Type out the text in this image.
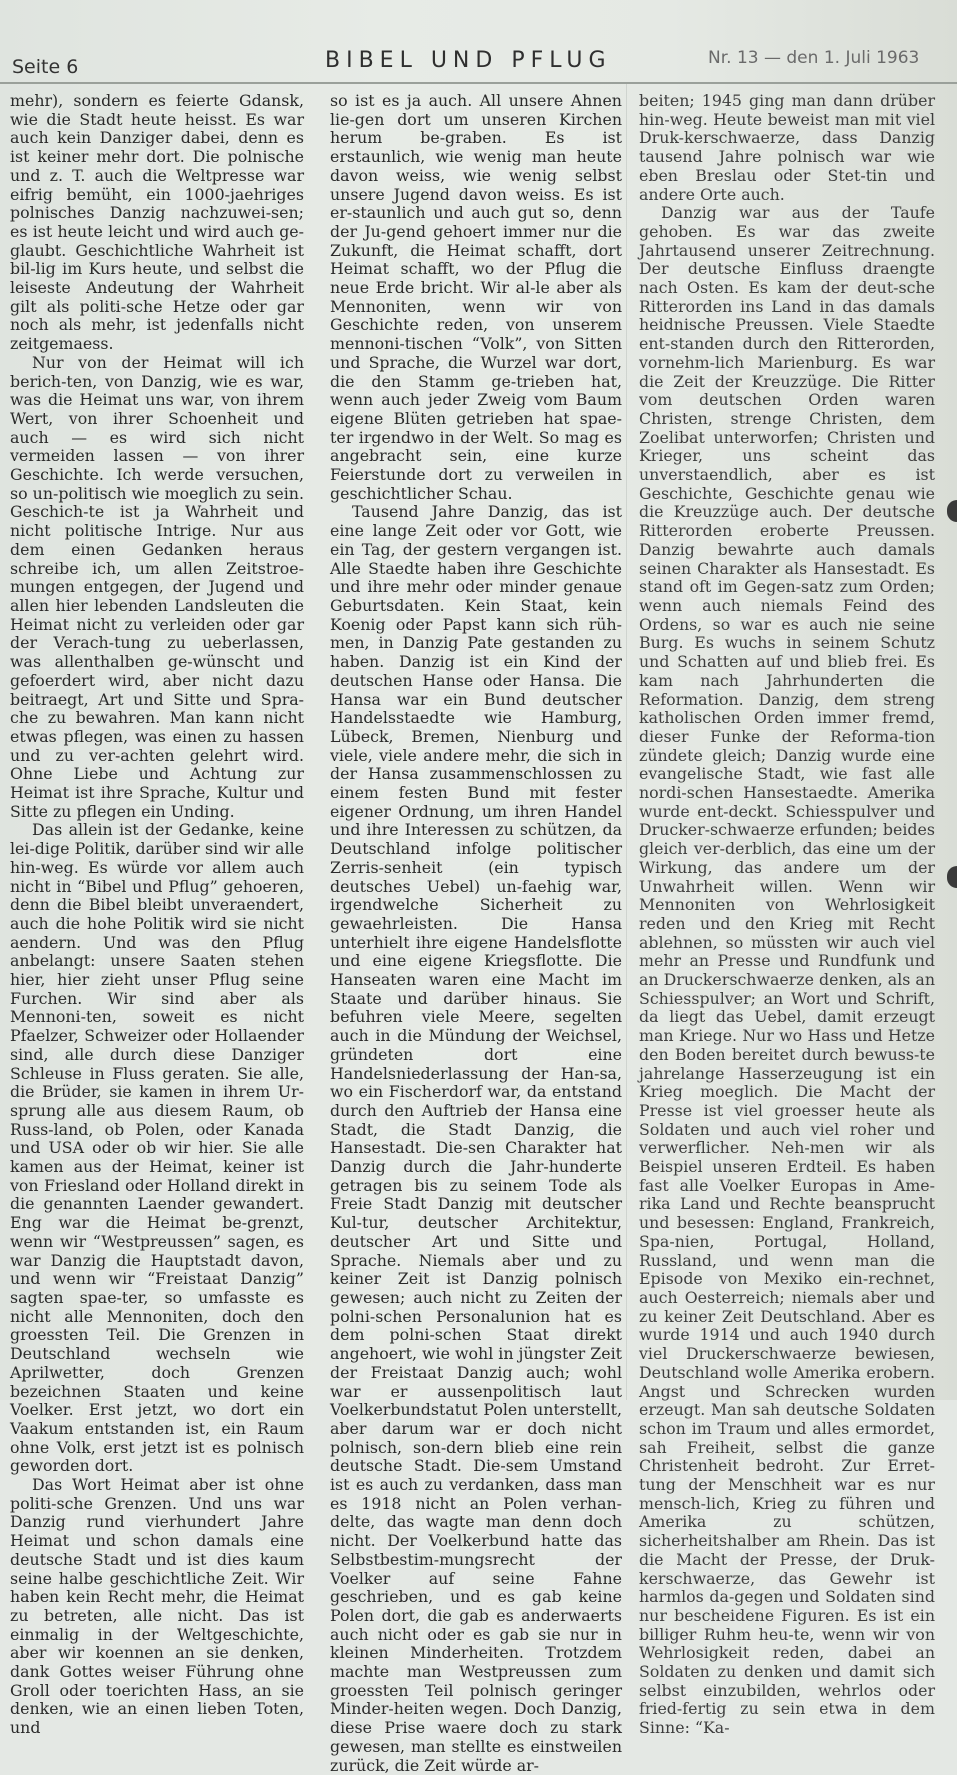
Seite 6	BIBEL UND PFLUG	Nr. 13 — den 1. Juli 1963

mehr), sondern es feierte Gdansk, wie die Stadt heute heisst. Es war auch kein Danziger dabei, denn es ist keiner mehr dort. Die polnische und z. T. auch die Weltpresse war eifrig bemüht, ein 1000-jaehriges polnisches Danzig nachzuwei-sen; es ist heute leicht und wird auch ge-glaubt. Geschichtliche Wahrheit ist bil-lig im Kurs heute, und selbst die leiseste Andeutung der Wahrheit gilt als politi-sche Hetze oder gar noch als mehr, ist jedenfalls nicht zeitgemaess.

Nur von der Heimat will ich berich-ten, von Danzig, wie es war, was die Heimat uns war, von ihrem Wert, von ihrer Schoenheit und auch — es wird sich nicht vermeiden lassen — von ihrer Geschichte. Ich werde versuchen, so un-politisch wie moeglich zu sein. Geschich-te ist ja Wahrheit und nicht politische Intrige. Nur aus dem einen Gedanken heraus schreibe ich, um allen Zeitstroe-mungen entgegen, der Jugend und allen hier lebenden Landsleuten die Heimat nicht zu verleiden oder gar der Verach-tung zu ueberlassen, was allenthalben ge-wünscht und gefoerdert wird, aber nicht dazu beitraegt, Art und Sitte und Spra-che zu bewahren. Man kann nicht etwas pflegen, was einen zu hassen und zu ver-achten gelehrt wird. Ohne Liebe und Achtung zur Heimat ist ihre Sprache, Kultur und Sitte zu pflegen ein Unding.

Das allein ist der Gedanke, keine lei-dige Politik, darüber sind wir alle hin-weg. Es würde vor allem auch nicht in “Bibel und Pflug” gehoeren, denn die Bibel bleibt unveraendert, auch die hohe Politik wird sie nicht aendern. Und was den Pflug anbelangt: unsere Saaten stehen hier, hier zieht unser Pflug seine Furchen. Wir sind aber als Mennoni-ten, soweit es nicht Pfaelzer, Schweizer oder Hollaender sind, alle durch diese Danziger Schleuse in Fluss geraten. Sie alle, die Brüder, sie kamen in ihrem Ur-sprung alle aus diesem Raum, ob Russ-land, ob Polen, oder Kanada und USA oder ob wir hier. Sie alle kamen aus der Heimat, keiner ist von Friesland oder Holland direkt in die genannten Laender gewandert. Eng war die Heimat be-grenzt, wenn wir “Westpreussen” sagen, es war Danzig die Hauptstadt davon, und wenn wir “Freistaat Danzig” sagten spae-ter, so umfasste es nicht alle Mennoniten, doch den groessten Teil. Die Grenzen in Deutschland wechseln wie Aprilwetter, doch Grenzen bezeichnen Staaten und keine Voelker. Erst jetzt, wo dort ein Vaakum entstanden ist, ein Raum ohne Volk, erst jetzt ist es polnisch geworden dort.

Das Wort Heimat aber ist ohne politi-sche Grenzen. Und uns war Danzig rund vierhundert Jahre Heimat und schon damals eine deutsche Stadt und ist dies kaum seine halbe geschichtliche Zeit. Wir haben kein Recht mehr, die Heimat zu betreten, alle nicht. Das ist einmalig in der Weltgeschichte, aber wir koennen an sie denken, dank Gottes weiser Führung ohne Groll oder toerichten Hass, an sie denken, wie an einen lieben Toten, und

so ist es ja auch. All unsere Ahnen lie-gen dort um unseren Kirchen herum be-graben. Es ist erstaunlich, wie wenig man heute davon weiss, wie wenig selbst unsere Jugend davon weiss. Es ist er-staunlich und auch gut so, denn der Ju-gend gehoert immer nur die Zukunft, die Heimat schafft, dort Heimat schafft, wo der Pflug die neue Erde bricht. Wir al-le aber als Mennoniten, wenn wir von Geschichte reden, von unserem mennoni-tischen “Volk”, von Sitten und Sprache, die Wurzel war dort, die den Stamm ge-trieben hat, wenn auch jeder Zweig vom Baum eigene Blüten getrieben hat spae-ter irgendwo in der Welt. So mag es angebracht sein, eine kurze Feierstunde dort zu verweilen in geschichtlicher Schau.

Tausend Jahre Danzig, das ist eine lange Zeit oder vor Gott, wie ein Tag, der gestern vergangen ist. Alle Staedte haben ihre Geschichte und ihre mehr oder minder genaue Geburtsdaten. Kein Staat, kein Koenig oder Papst kann sich rüh-men, in Danzig Pate gestanden zu haben. Danzig ist ein Kind der deutschen Hanse oder Hansa. Die Hansa war ein Bund deutscher Handelsstaedte wie Hamburg, Lübeck, Bremen, Nienburg und viele, viele andere mehr, die sich in der Hansa zusammenschlossen zu einem festen Bund mit fester eigener Ordnung, um ihren Handel und ihre Interessen zu schützen, da Deutschland infolge politischer Zerris-senheit (ein typisch deutsches Uebel) un-faehig war, irgendwelche Sicherheit zu gewaehrleisten. Die Hansa unterhielt ihre eigene Handelsflotte und eine eigene Kriegsflotte. Die Hanseaten waren eine Macht im Staate und darüber hinaus. Sie befuhren viele Meere, segelten auch in die Mündung der Weichsel, gründeten dort eine Handelsniederlassung der Han-sa, wo ein Fischerdorf war, da entstand durch den Auftrieb der Hansa eine Stadt, die Stadt Danzig, die Hansestadt. Die-sen Charakter hat Danzig durch die Jahr-hunderte getragen bis zu seinem Tode als Freie Stadt Danzig mit deutscher Kul-tur, deutscher Architektur, deutscher Art und Sitte und Sprache. Niemals aber und zu keiner Zeit ist Danzig polnisch gewesen; auch nicht zu Zeiten der polni-schen Personalunion hat es dem polni-schen Staat direkt angehoert, wie wohl in jüngster Zeit der Freistaat Danzig auch; wohl war er aussenpolitisch laut Voelkerbundstatut Polen unterstellt, aber darum war er doch nicht polnisch, son-dern blieb eine rein deutsche Stadt. Die-sem Umstand ist es auch zu verdanken, dass man es 1918 nicht an Polen verhan-delte, das wagte man denn doch nicht. Der Voelkerbund hatte das Selbstbestim-mungsrecht der Voelker auf seine Fahne geschrieben, und es gab keine Polen dort, die gab es anderwaerts auch nicht oder es gab sie nur in kleinen Minderheiten. Trotzdem machte man Westpreussen zum groessten Teil polnisch geringer Minder-heiten wegen. Doch Danzig, diese Prise waere doch zu stark gewesen, man stellte es einstweilen zurück, die Zeit würde ar-

beiten; 1945 ging man dann drüber hin-weg. Heute beweist man mit viel Druk-kerschwaerze, dass Danzig tausend Jahre polnisch war wie eben Breslau oder Stet-tin und andere Orte auch.

Danzig war aus der Taufe gehoben. Es war das zweite Jahrtausend unserer Zeitrechnung. Der deutsche Einfluss draengte nach Osten. Es kam der deut-sche Ritterorden ins Land in das damals heidnische Preussen. Viele Staedte ent-standen durch den Ritterorden, vornehm-lich Marienburg. Es war die Zeit der Kreuzzüge. Die Ritter vom deutschen Orden waren Christen, strenge Christen, dem Zoelibat unterworfen; Christen und Krieger, uns scheint das unverstaendlich, aber es ist Geschichte, Geschichte genau wie die Kreuzzüge auch. Der deutsche Ritterorden eroberte Preussen. Danzig bewahrte auch damals seinen Charakter als Hansestadt. Es stand oft im Gegen-satz zum Orden; wenn auch niemals Feind des Ordens, so war es auch nie seine Burg. Es wuchs in seinem Schutz und Schatten auf und blieb frei. Es kam nach Jahrhunderten die Reformation. Danzig, dem streng katholischen Orden immer fremd, dieser Funke der Reforma-tion zündete gleich; Danzig wurde eine evangelische Stadt, wie fast alle nordi-schen Hansestaedte. Amerika wurde ent-deckt. Schiesspulver und Drucker-schwaerze erfunden; beides gleich ver-derblich, das eine um der Wirkung, das andere um der Unwahrheit willen. Wenn wir Mennoniten von Wehrlosigkeit reden und den Krieg mit Recht ablehnen, so müssten wir auch viel mehr an Presse und Rundfunk und an Druckerschwaerze denken, als an Schiesspulver; an Wort und Schrift, da liegt das Uebel, damit erzeugt man Kriege. Nur wo Hass und Hetze den Boden bereitet durch bewuss-te jahrelange Hasserzeugung ist ein Krieg moeglich. Die Macht der Presse ist viel groesser heute als Soldaten und auch viel roher und verwerflicher. Neh-men wir als Beispiel unseren Erdteil. Es haben fast alle Voelker Europas in Ame-rika Land und Rechte beansprucht und besessen: England, Frankreich, Spa-nien, Portugal, Holland, Russland, und wenn man die Episode von Mexiko ein-rechnet, auch Oesterreich; niemals aber und zu keiner Zeit Deutschland. Aber es wurde 1914 und auch 1940 durch viel Druckerschwaerze bewiesen, Deutschland wolle Amerika erobern. Angst und Schrecken wurden erzeugt. Man sah deutsche Soldaten schon im Traum und alles ermordet, sah Freiheit, selbst die ganze Christenheit bedroht. Zur Erret-tung der Menschheit war es nur mensch-lich, Krieg zu führen und Amerika zu schützen, sicherheitshalber am Rhein. Das ist die Macht der Presse, der Druk-kerschwaerze, das Gewehr ist harmlos da-gegen und Soldaten sind nur bescheidene Figuren. Es ist ein billiger Ruhm heu-te, wenn wir von Wehrlosigkeit reden, dabei an Soldaten zu denken und damit sich selbst einzubilden, wehrlos oder fried-fertig zu sein etwa in dem Sinne: “Ka-
